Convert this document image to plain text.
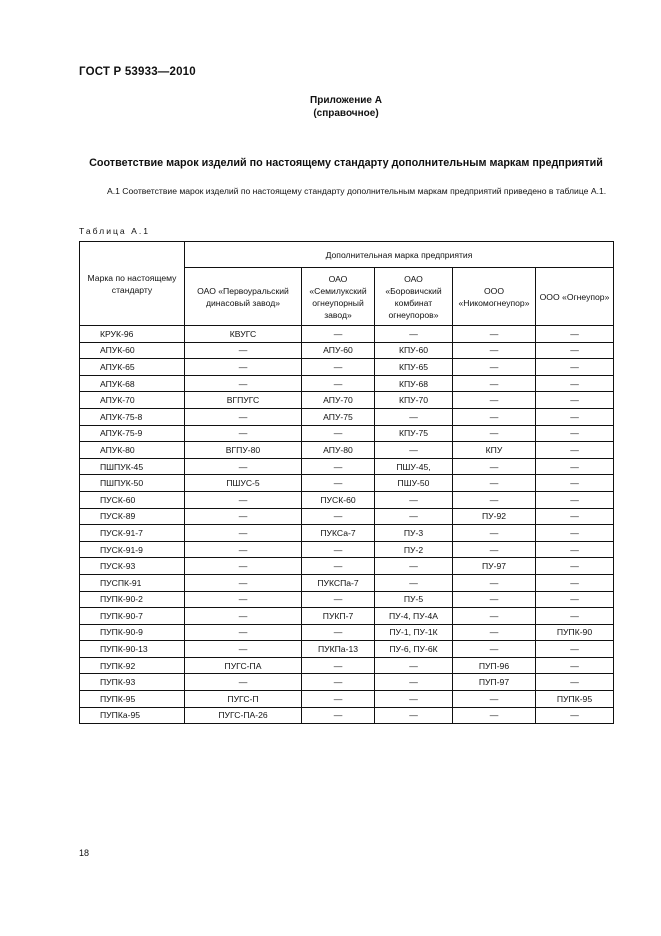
ГОСТ Р 53933—2010
Приложение А
(справочное)
Соответствие марок изделий по настоящему стандарту дополнительным маркам предприятий
А.1 Соответствие марок изделий по настоящему стандарту дополнительным маркам предприятий приведено в таблице А.1.
Таблица А.1
Марка по настоящему стандарту	Дополнительная марка предприятия				
	ОАО «Первоуральский динасовый завод»	ОАО «Семилукский огнеупорный завод»	ОАО «Боровичский комбинат огнеупоров»	ООО «Никомогнеупор»	ООО «Огнеупор»
КРУК-96	КВУГС	—	—	—	—
АПУК-60	—	АПУ-60	КПУ-60	—	—
АПУК-65	—	—	КПУ-65	—	—
АПУК-68	—	—	КПУ-68	—	—
АПУК-70	ВГПУГС	АПУ-70	КПУ-70	—	—
АПУК-75-8	—	АПУ-75	—	—	—
АПУК-75-9	—	—	КПУ-75	—	—
АПУК-80	ВГПУ-80	АПУ-80	—	КПУ	—
ПШПУК-45	—	—	ПШУ-45,	—	—
ПШПУК-50	ПШУС-5	—	ПШУ-50	—	—
ПУСК-60	—	ПУСК-60	—	—	—
ПУСК-89	—	—	—	ПУ-92	—
ПУСК-91-7	—	ПУКСа-7	ПУ-3	—	—
ПУСК-91-9	—	—	ПУ-2	—	—
ПУСК-93	—	—	—	ПУ-97	—
ПУСПК-91	—	ПУКСПа-7	—	—	—
ПУПК-90-2	—	—	ПУ-5	—	—
ПУПК-90-7	—	ПУКП-7	ПУ-4, ПУ-4А	—	—
ПУПК-90-9	—	—	ПУ-1, ПУ-1К	—	ПУПК-90
ПУПК-90-13	—	ПУКПа-13	ПУ-6, ПУ-6К	—	—
ПУПК-92	ПУГС-ПА	—	—	ПУП-96	—
ПУПК-93	—	—	—	ПУП-97	—
ПУПК-95	ПУГС-П	—	—	—	ПУПК-95
ПУПКа-95	ПУГС-ПА-26	—	—	—	—
18
